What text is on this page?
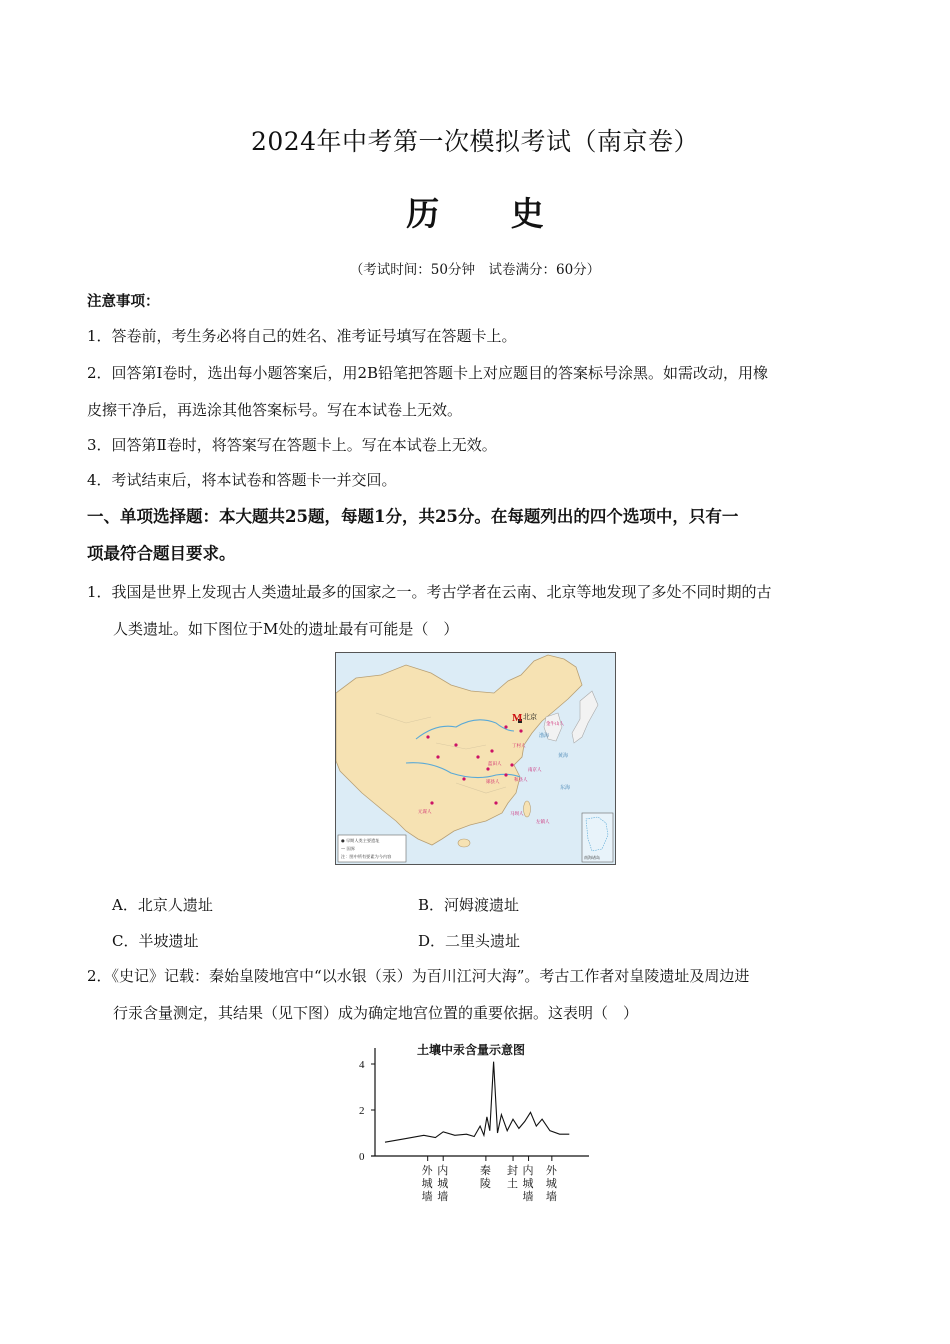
2024年中考第一次模拟考试（南京卷）
历 史
（考试时间：50分钟　试卷满分：60分）
注意事项：
1．答卷前，考生务必将自己的姓名、准考证号填写在答题卡上。
2．回答第Ⅰ卷时，选出每小题答案后，用2B铅笔把答题卡上对应题目的答案标号涂黑。如需改动，用橡
皮擦干净后，再选涂其他答案标号。写在本试卷上无效。
3．回答第Ⅱ卷时，将答案写在答题卡上。写在本试卷上无效。
4．考试结束后，将本试卷和答题卡一并交回。
一、单项选择题：本大题共25题，每题1分，共25分。在每题列出的四个选项中，只有一
项最符合题目要求。
1．我国是世界上发现古人类遗址最多的国家之一。考古学者在云南、北京等地发现了多处不同时期的古
人类遗址。如下图位于M处的遗址最有可能是（　）
M 北京
金牛山人
丁村人
蓝田人
郧县人
南京人
和县人
元谋人	马坝人
左镇人
渤海
黄海
东海
● 早期人类主要遗址
— 国界
注：图中所有要素为今内容	南海诸岛
A．北京人遗址	B．河姆渡遗址
C．半坡遗址	D．二里头遗址
2．《史记》记载：秦始皇陵地宫中“以水银（汞）为百川江河大海”。考古工作者对皇陵遗址及周边进
行汞含量测定，其结果（见下图）成为确定地宫位置的重要依据。这表明（　）
土壤中汞含量示意图
4
2
0
外
城
墙
内
城
墙
秦
陵
封
土
内
城
墙
外
城
墙
